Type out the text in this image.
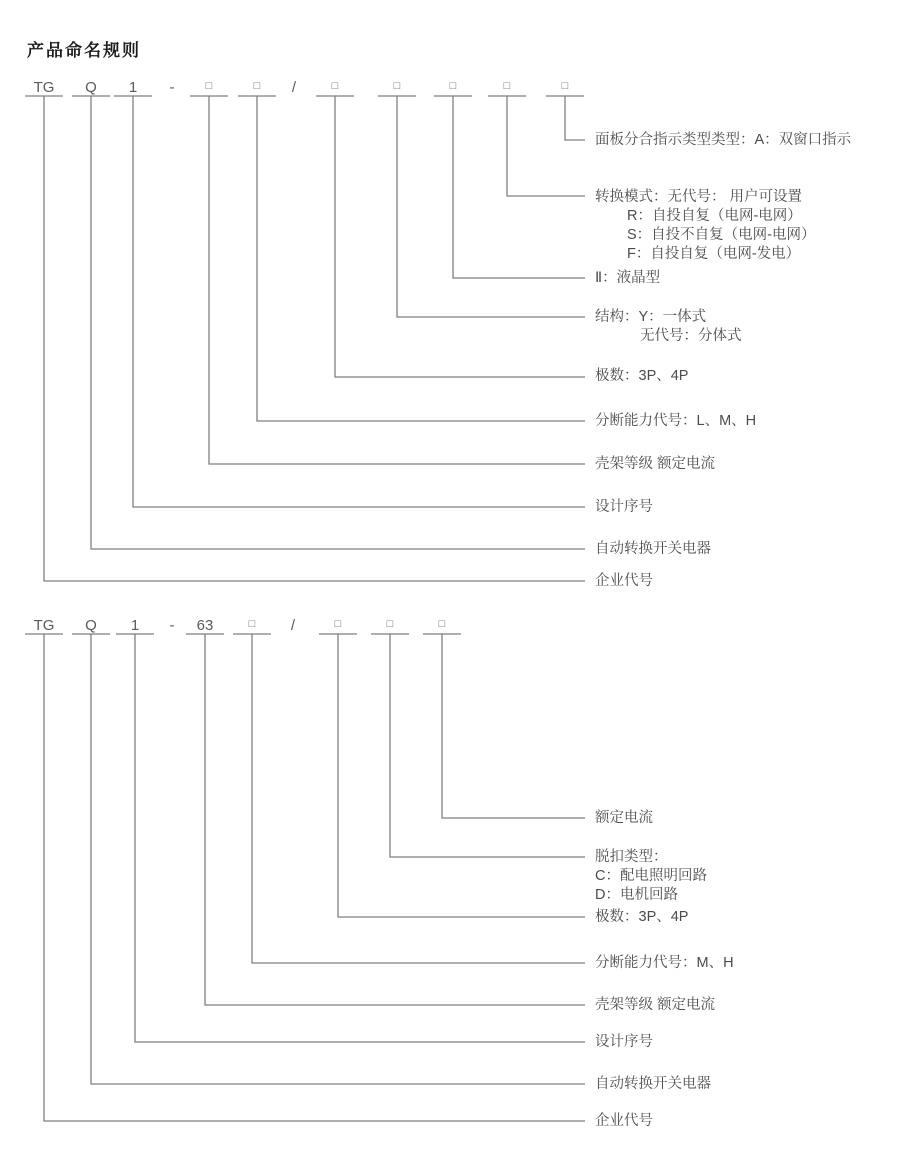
产品命名规则
TG	Q	1	-	□	□	/	□	□	□	□	□
面板分合指示类型类型：A：双窗口指示
转换模式：无代号： 用户可设置
R：自投自复（电网-电网）
S：自投不自复（电网-电网）
F：自投自复（电网-发电）
Ⅱ：液晶型
结构：Y：一体式
无代号：分体式
极数：3P、4P
分断能力代号：L、M、H
壳架等级 额定电流
设计序号
自动转换开关电器
企业代号
TG	Q	1	-	63	□	/	□	□	□
额定电流
脱扣类型：
C：配电照明回路
D：电机回路
极数：3P、4P
分断能力代号：M、H
壳架等级 额定电流
设计序号
自动转换开关电器
企业代号
